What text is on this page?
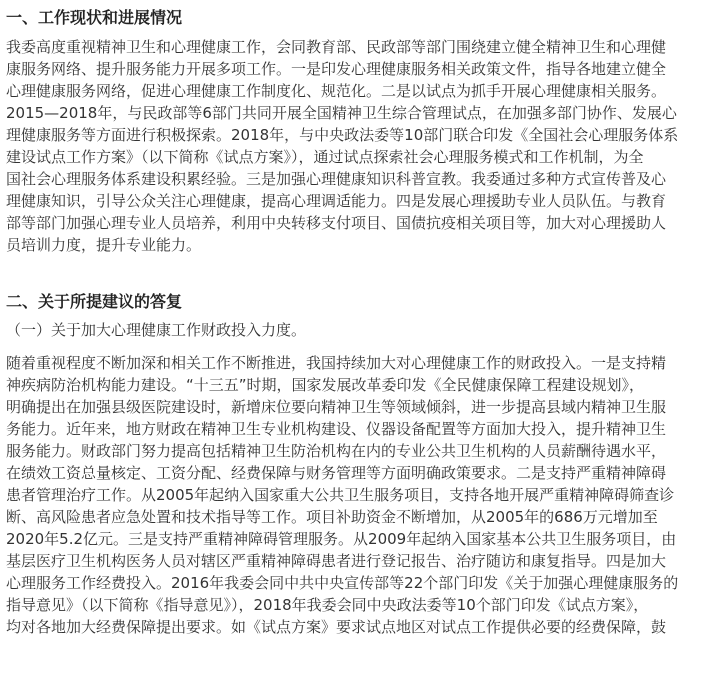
一、工作现状和进展情况
我委高度重视精神卫生和心理健康工作，会同教育部、民政部等部门围绕建立健全精神卫生和心理健
康服务网络、提升服务能力开展多项工作。一是印发心理健康服务相关政策文件，指导各地建立健全
心理健康服务网络，促进心理健康工作制度化、规范化。二是以试点为抓手开展心理健康相关服务。
2015—2018年，与民政部等6部门共同开展全国精神卫生综合管理试点，在加强多部门协作、发展心
理健康服务等方面进行积极探索。2018年，与中央政法委等10部门联合印发《全国社会心理服务体系
建设试点工作方案》（以下简称《试点方案》），通过试点探索社会心理服务模式和工作机制，为全
国社会心理服务体系建设积累经验。三是加强心理健康知识科普宣教。我委通过多种方式宣传普及心
理健康知识，引导公众关注心理健康，提高心理调适能力。四是发展心理援助专业人员队伍。与教育
部等部门加强心理专业人员培养，利用中央转移支付项目、国债抗疫相关项目等，加大对心理援助人
员培训力度，提升专业能力。
二、关于所提建议的答复
（一）关于加大心理健康工作财政投入力度。
随着重视程度不断加深和相关工作不断推进，我国持续加大对心理健康工作的财政投入。一是支持精
神疾病防治机构能力建设。“十三五”时期，国家发展改革委印发《全民健康保障工程建设规划》，
明确提出在加强县级医院建设时，新增床位要向精神卫生等领域倾斜，进一步提高县域内精神卫生服
务能力。近年来，地方财政在精神卫生专业机构建设、仪器设备配置等方面加大投入，提升精神卫生
服务能力。财政部门努力提高包括精神卫生防治机构在内的专业公共卫生机构的人员薪酬待遇水平，
在绩效工资总量核定、工资分配、经费保障与财务管理等方面明确政策要求。二是支持严重精神障碍
患者管理治疗工作。从2005年起纳入国家重大公共卫生服务项目，支持各地开展严重精神障碍筛查诊
断、高风险患者应急处置和技术指导等工作。项目补助资金不断增加，从2005年的686万元增加至
2020年5.2亿元。三是支持严重精神障碍管理服务。从2009年起纳入国家基本公共卫生服务项目，由
基层医疗卫生机构医务人员对辖区严重精神障碍患者进行登记报告、治疗随访和康复指导。四是加大
心理服务工作经费投入。2016年我委会同中共中央宣传部等22个部门印发《关于加强心理健康服务的
指导意见》（以下简称《指导意见》），2018年我委会同中央政法委等10个部门印发《试点方案》，
均对各地加大经费保障提出要求。如《试点方案》要求试点地区对试点工作提供必要的经费保障，鼓
